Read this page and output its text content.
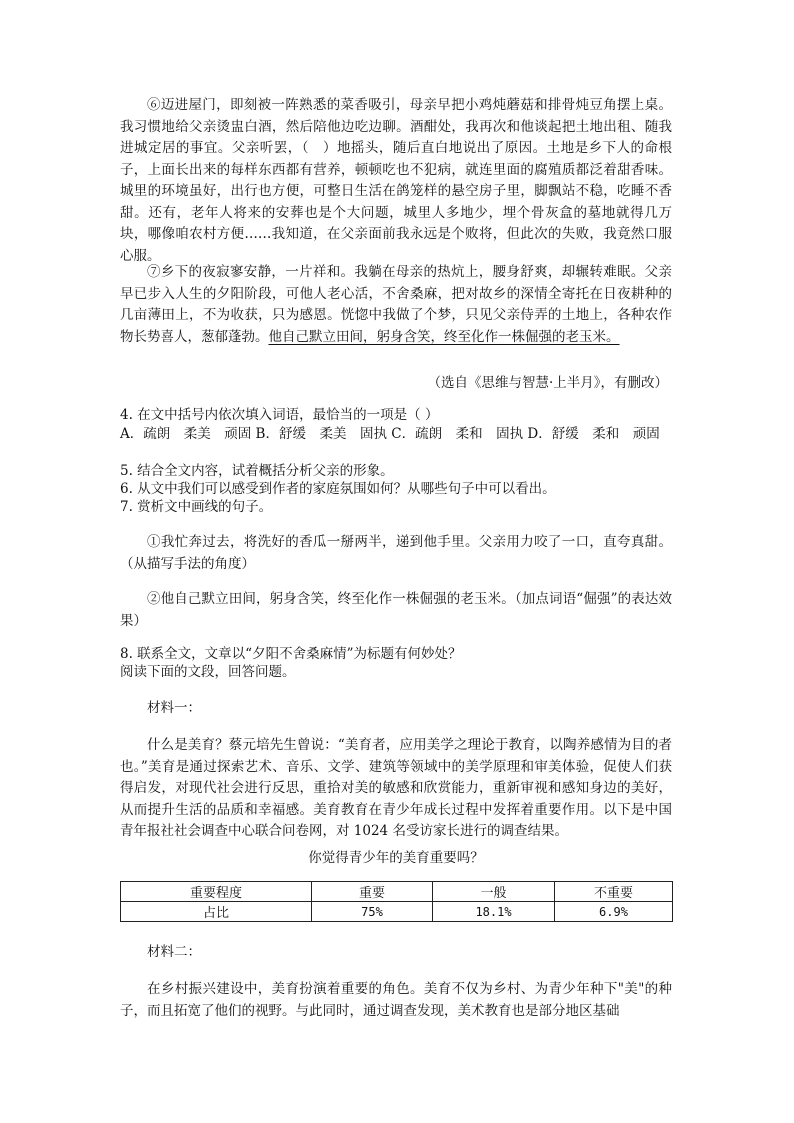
⑥迈进屋门，即刻被一阵熟悉的菜香吸引，母亲早把小鸡炖蘑菇和排骨炖豆角摆上桌。我习惯地给父亲烫盅白酒，然后陪他边吃边聊。酒酣处，我再次和他谈起把土地出租、随我进城定居的事宜。父亲听罢，（　）地摇头，随后直白地说出了原因。土地是乡下人的命根子，上面长出来的每样东西都有营养，顿顿吃也不犯病，就连里面的腐殖质都泛着甜香味。城里的环境虽好，出行也方便，可整日生活在鸽笼样的悬空房子里，脚飘站不稳，吃睡不香甜。还有，老年人将来的安葬也是个大问题，城里人多地少，埋个骨灰盒的墓地就得几万块，哪像咱农村方便……我知道，在父亲面前我永远是个败将，但此次的失败，我竟然口服心服。

⑦乡下的夜寂寥安静，一片祥和。我躺在母亲的热炕上，腰身舒爽，却辗转难眠。父亲早已步入人生的夕阳阶段，可他人老心活，不舍桑麻，把对故乡的深情全寄托在日夜耕种的几亩薄田上，不为收获，只为感恩。恍惚中我做了个梦，只见父亲侍弄的土地上，各种农作物长势喜人，葱郁蓬勃。他自己默立田间，躬身含笑，终至化作一株倔强的老玉米。

（选自《思维与智慧·上半月》，有删改）

4. 在文中括号内依次填入词语，最恰当的一项是（ ）

A．疏朗　柔美　顽固 B．舒缓　柔美　固执 C．疏朗　柔和　固执 D．舒缓　柔和　顽固

5. 结合全文内容，试着概括分析父亲的形象。

6. 从文中我们可以感受到作者的家庭氛围如何？从哪些句子中可以看出。

7. 赏析文中画线的句子。

①我忙奔过去，将洗好的香瓜一掰两半，递到他手里。父亲用力咬了一口，直夸真甜。（从描写手法的角度）

②他自己默立田间，躬身含笑，终至化作一株倔强的老玉米。（加点词语“倔强”的表达效果）

8. 联系全文，文章以“夕阳不舍桑麻情”为标题有何妙处？

阅读下面的文段，回答问题。

材料一：

什么是美育？蔡元培先生曾说：“美育者，应用美学之理论于教育，以陶养感情为目的者也。”美育是通过探索艺术、音乐、文学、建筑等领域中的美学原理和审美体验，促使人们获得启发，对现代社会进行反思，重拾对美的敏感和欣赏能力，重新审视和感知身边的美好，从而提升生活的品质和幸福感。美育教育在青少年成长过程中发挥着重要作用。以下是中国青年报社社会调查中心联合问卷网，对 1024 名受访家长进行的调查结果。

你觉得青少年的美育重要吗？

重要程度	重要	一般	不重要
占比	75%	18.1%	6.9%

材料二：

在乡村振兴建设中，美育扮演着重要的角色。美育不仅为乡村、为青少年种下"美"的种子，而且拓宽了他们的视野。与此同时，通过调查发现，美术教育也是部分地区基础
